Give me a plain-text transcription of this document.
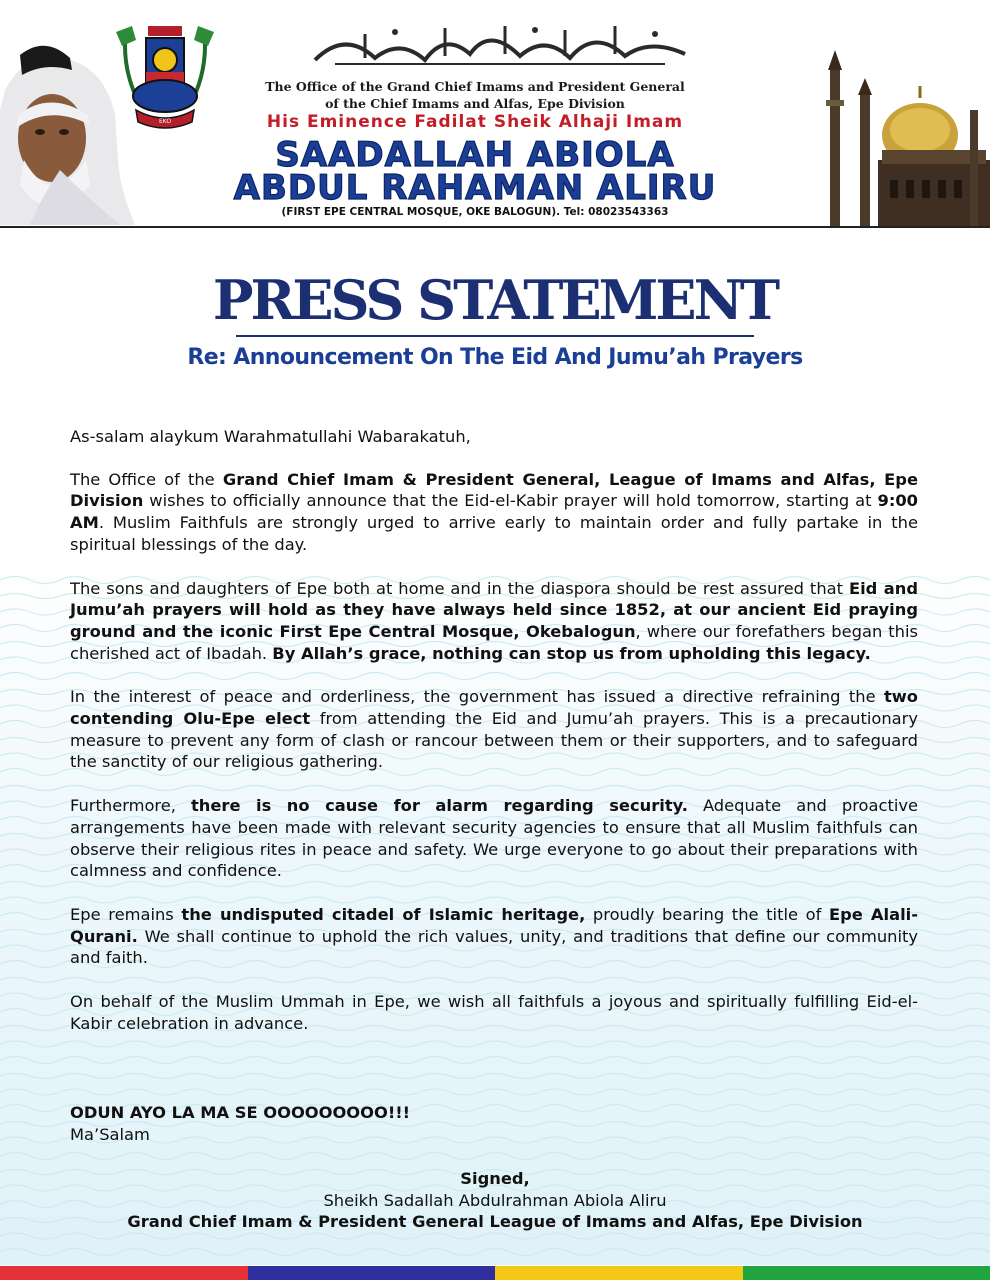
EKO
The Office of the Grand Chief Imams and President General
of the Chief Imams and Alfas, Epe Division
His Eminence Fadilat Sheik Alhaji Imam
SAADALLAH ABIOLA
ABDUL RAHAMAN ALIRU
(FIRST EPE CENTRAL MOSQUE, OKE BALOGUN). Tel: 08023543363
PRESS STATEMENT
Re: Announcement On The Eid And Jumu’ah Prayers

As-salam alaykum Warahmatullahi Wabarakatuh,

The Office of the Grand Chief Imam & President General, League of Imams and Alfas, Epe Division wishes to officially announce that the Eid-el-Kabir prayer will hold tomorrow, starting at 9:00 AM. Muslim Faithfuls are strongly urged to arrive early to maintain order and fully partake in the spiritual blessings of the day.

The sons and daughters of Epe both at home and in the diaspora should be rest assured that Eid and Jumu’ah prayers will hold as they have always held since 1852, at our ancient Eid praying ground and the iconic First Epe Central Mosque, Okebalogun, where our forefathers began this cherished act of Ibadah. By Allah’s grace, nothing can stop us from upholding this legacy.

In the interest of peace and orderliness, the government has issued a directive refraining the two contending Olu-Epe elect from attending the Eid and Jumu’ah prayers. This is a precautionary measure to prevent any form of clash or rancour between them or their supporters, and to safeguard the sanctity of our religious gathering.

Furthermore, there is no cause for alarm regarding security. Adequate and proactive arrangements have been made with relevant security agencies to ensure that all Muslim faithfuls can observe their religious rites in peace and safety. We urge everyone to go about their preparations with calmness and confidence.

Epe remains the undisputed citadel of Islamic heritage, proudly bearing the title of Epe Alali-Qurani. We shall continue to uphold the rich values, unity, and traditions that define our community and faith.

On behalf of the Muslim Ummah in Epe, we wish all faithfuls a joyous and spiritually fulfilling Eid-el-Kabir celebration in advance.

ODUN AYO LA MA SE OOOOOOOOO!!!
Ma’Salam
Signed,
Sheikh Sadallah Abdulrahman Abiola Aliru
Grand Chief Imam & President General League of Imams and Alfas, Epe Division
